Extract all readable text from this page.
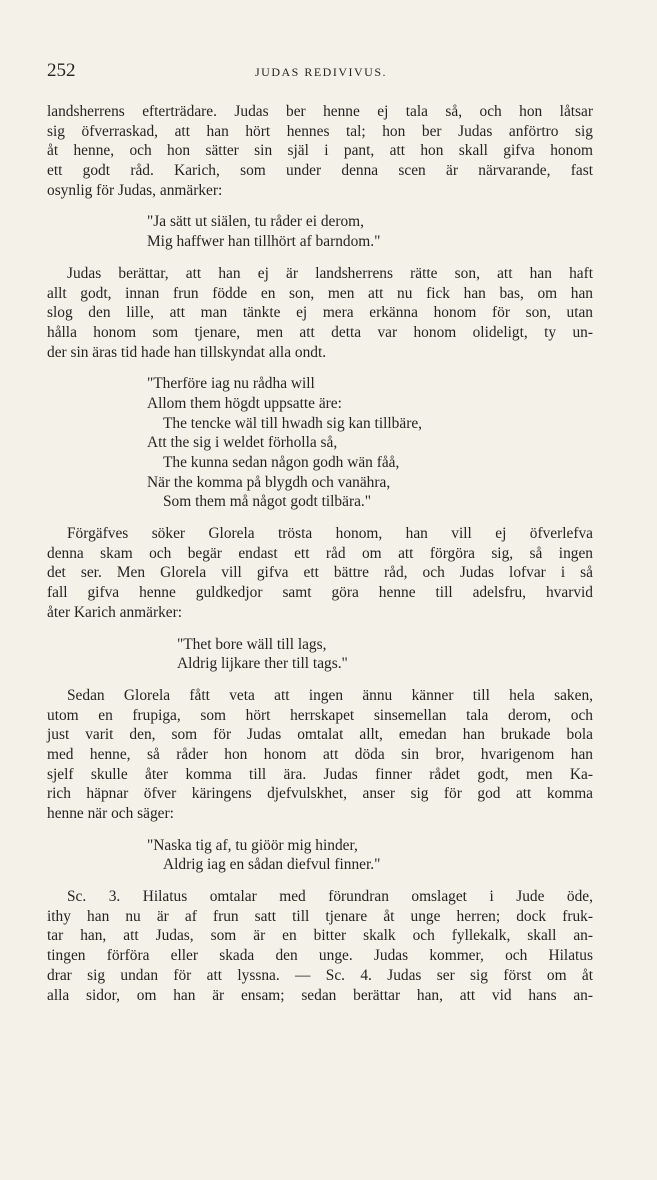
252	JUDAS REDIVIVUS.
landsherrens efterträdare. Judas ber henne ej tala så, och hon låtsar
sig öfverraskad, att han hört hennes tal; hon ber Judas anförtro sig
åt henne, och hon sätter sin själ i pant, att hon skall gifva honom
ett godt råd. Karich, som under denna scen är närvarande, fast
osynlig för Judas, anmärker:
"Ja sätt ut siälen, tu råder ei derom,
Mig haffwer han tillhört af barndom."
Judas berättar, att han ej är landsherrens rätte son, att han haft
allt godt, innan frun födde en son, men att nu fick han bas, om han
slog den lille, att man tänkte ej mera erkänna honom för son, utan
hålla honom som tjenare, men att detta var honom olideligt, ty un-
der sin äras tid hade han tillskyndat alla ondt.
"Therföre iag nu rådha will
Allom them högdt uppsatte äre:
The tencke wäl till hwadh sig kan tillbäre,
Att the sig i weldet förholla så,
The kunna sedan någon godh wän fåå,
När the komma på blygdh och vanähra,
Som them må något godt tilbära."
Förgäfves söker Glorela trösta honom, han vill ej öfverlefva
denna skam och begär endast ett råd om att förgöra sig, så ingen
det ser. Men Glorela vill gifva ett bättre råd, och Judas lofvar i så
fall gifva henne guldkedjor samt göra henne till adelsfru, hvarvid
åter Karich anmärker:
"Thet bore wäll till lags,
Aldrig lijkare ther till tags."
Sedan Glorela fått veta att ingen ännu känner till hela saken,
utom en frupiga, som hört herrskapet sinsemellan tala derom, och
just varit den, som för Judas omtalat allt, emedan han brukade bola
med henne, så råder hon honom att döda sin bror, hvarigenom han
sjelf skulle åter komma till ära. Judas finner rådet godt, men Ka-
rich häpnar öfver käringens djefvulskhet, anser sig för god att komma
henne när och säger:
"Naska tig af, tu giöör mig hinder,
Aldrig iag en sådan diefvul finner."
Sc. 3. Hilatus omtalar med förundran omslaget i Jude öde,
ithy han nu är af frun satt till tjenare åt unge herren; dock fruk-
tar han, att Judas, som är en bitter skalk och fyllekalk, skall an-
tingen förföra eller skada den unge. Judas kommer, och Hilatus
drar sig undan för att lyssna. — Sc. 4. Judas ser sig först om åt
alla sidor, om han är ensam; sedan berättar han, att vid hans an-
